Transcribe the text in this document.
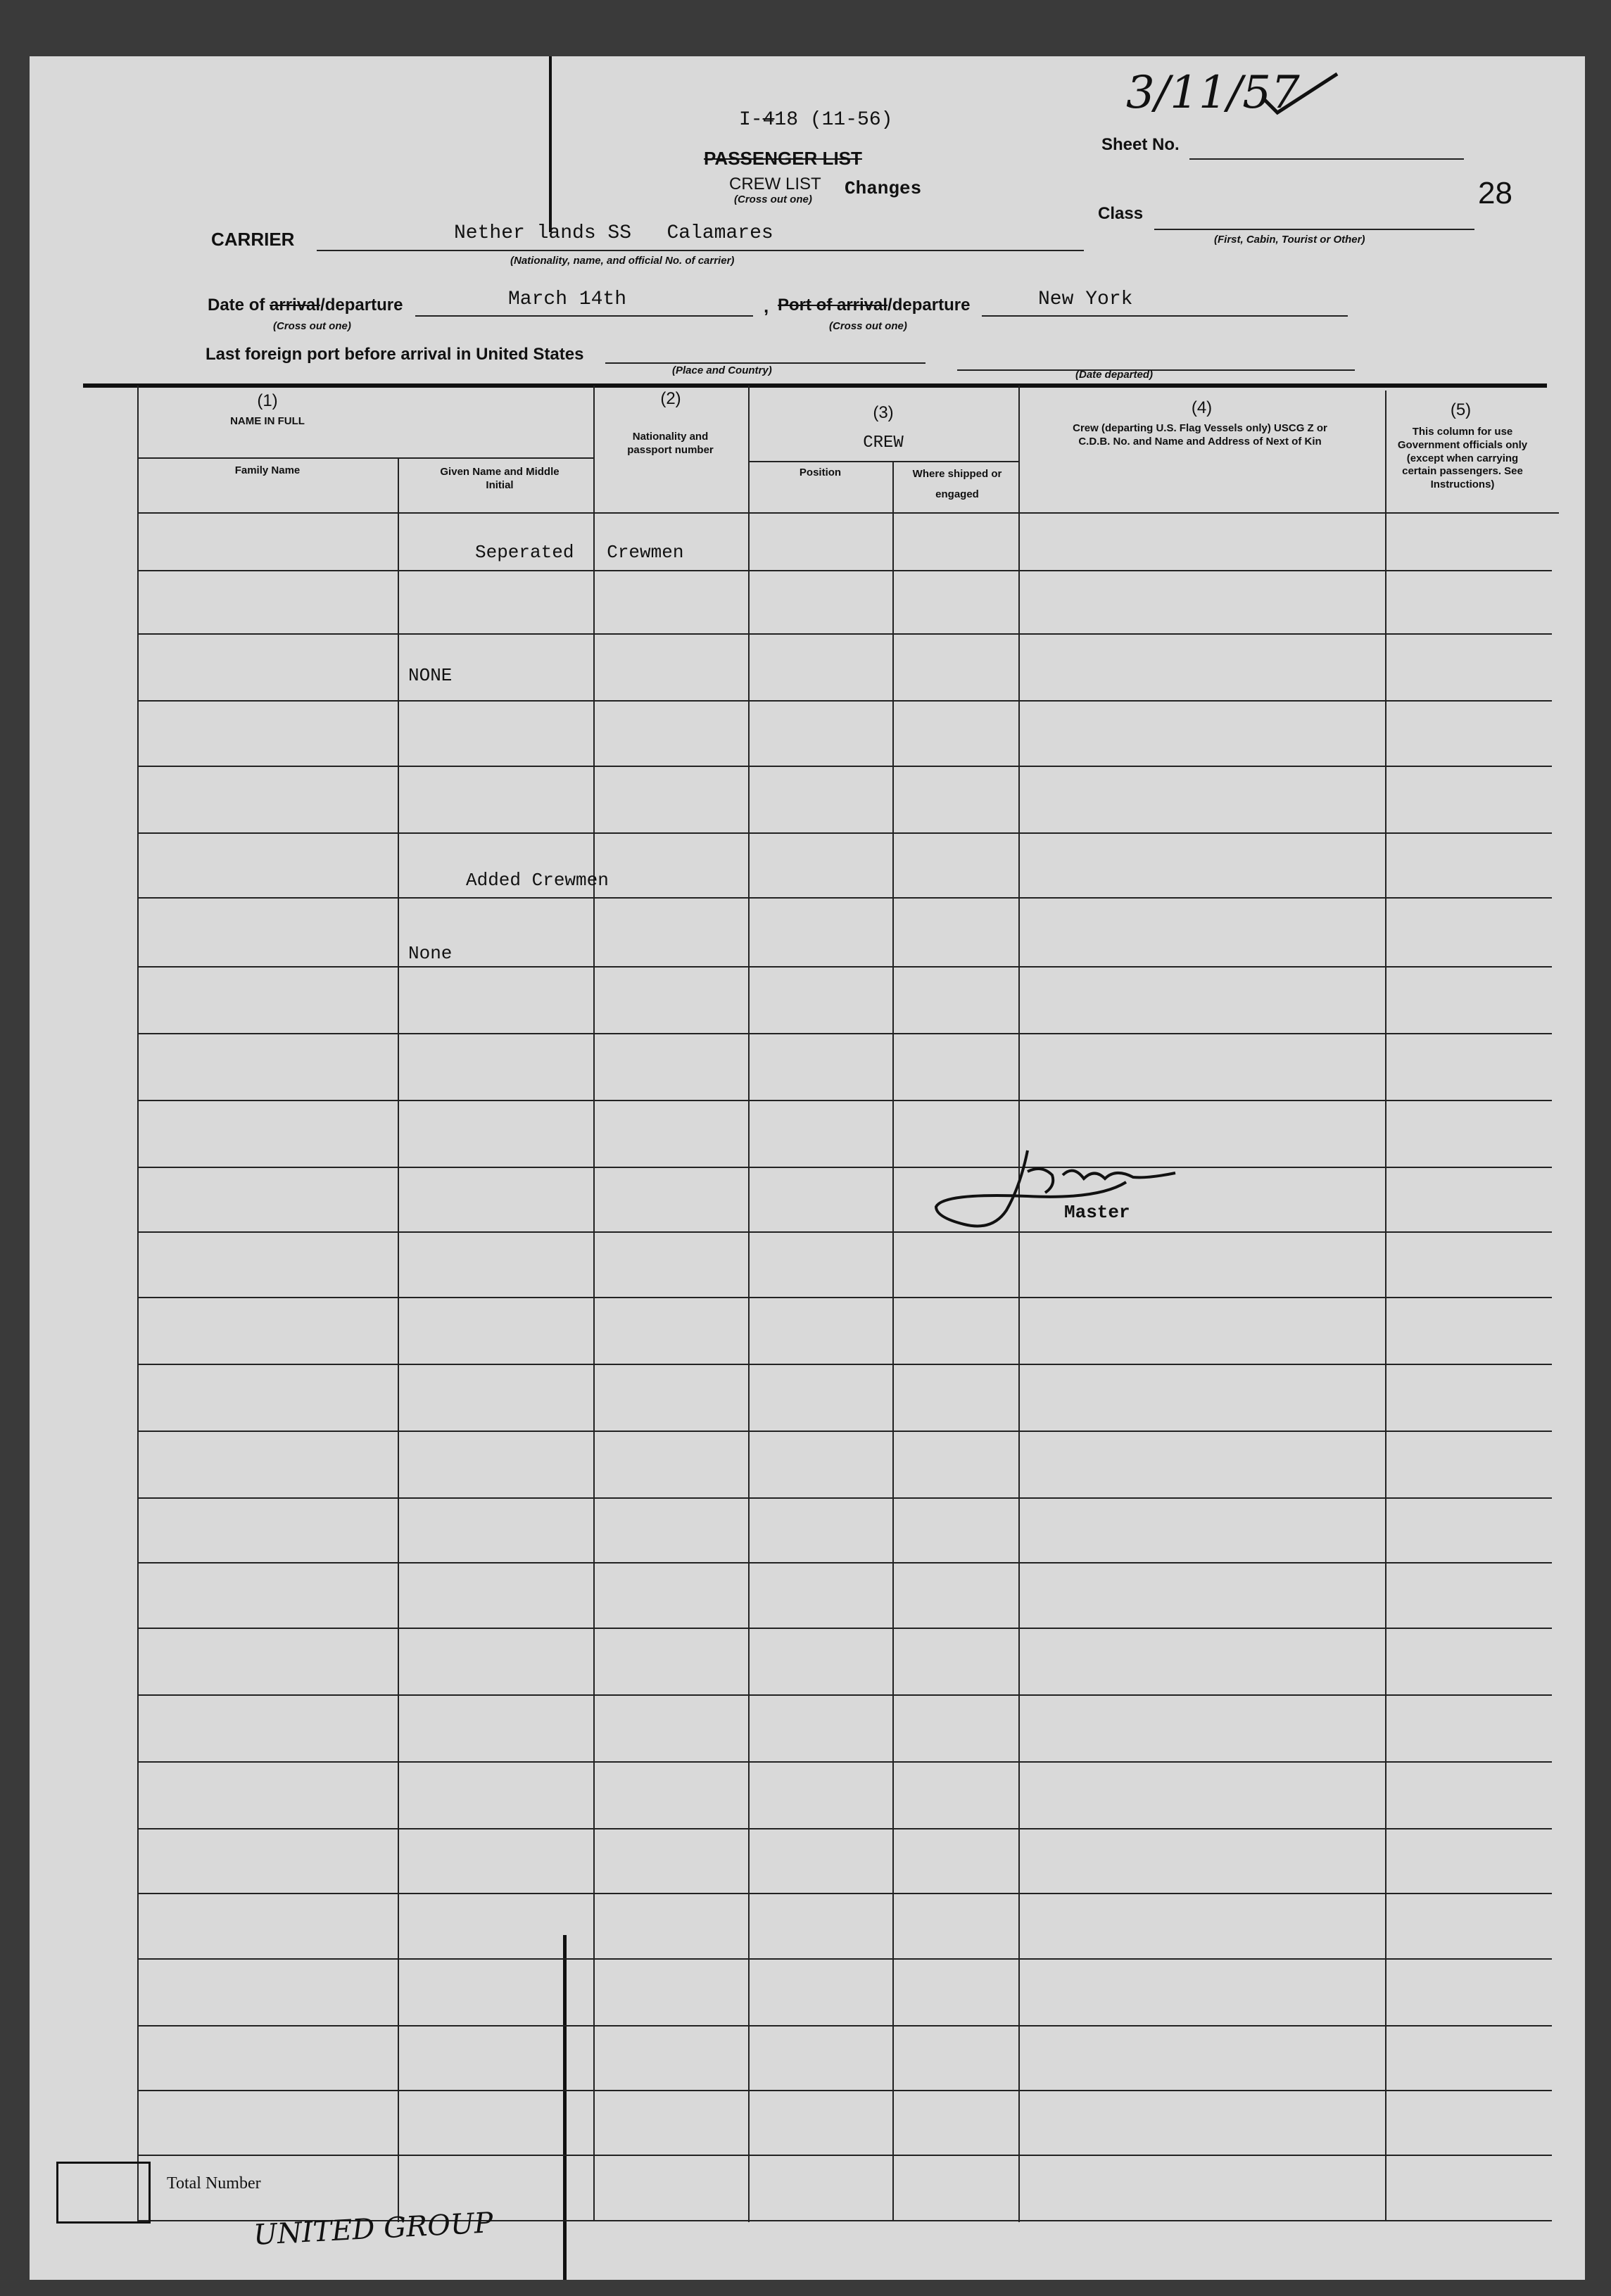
I-418 (11-56)
PASSENGER LIST
CREW LIST
(Cross out one)
Changes
3/11/57
Sheet No.
28
Class
(First, Cabin, Tourist or Other)
CARRIER	Nether lands SS   Calamares
(Nationality, name, and official No. of carrier)
Date of arrival/departure	March 14th
(Cross out one)
, Port of arrival/departure	New York
(Cross out one)
Last foreign port before arrival in United States
(Place and Country)	(Date departed)
(1)
NAME IN FULL
Family Name	Given Name and Middle Initial
(2)
Nationality and passport number
(3)
CREW
Position	Where shipped or engaged
(4)
Crew (departing U.S. Flag Vessels only) USCG Z or C.D.B. No. and Name and Address of Next of Kin
(5)
This column for use Government officials only (except when carrying certain passengers. See Instructions)
Seperated   Crewmen
NONE
Added Crewmen
None
Master
Total Number
UNITED GROUP
